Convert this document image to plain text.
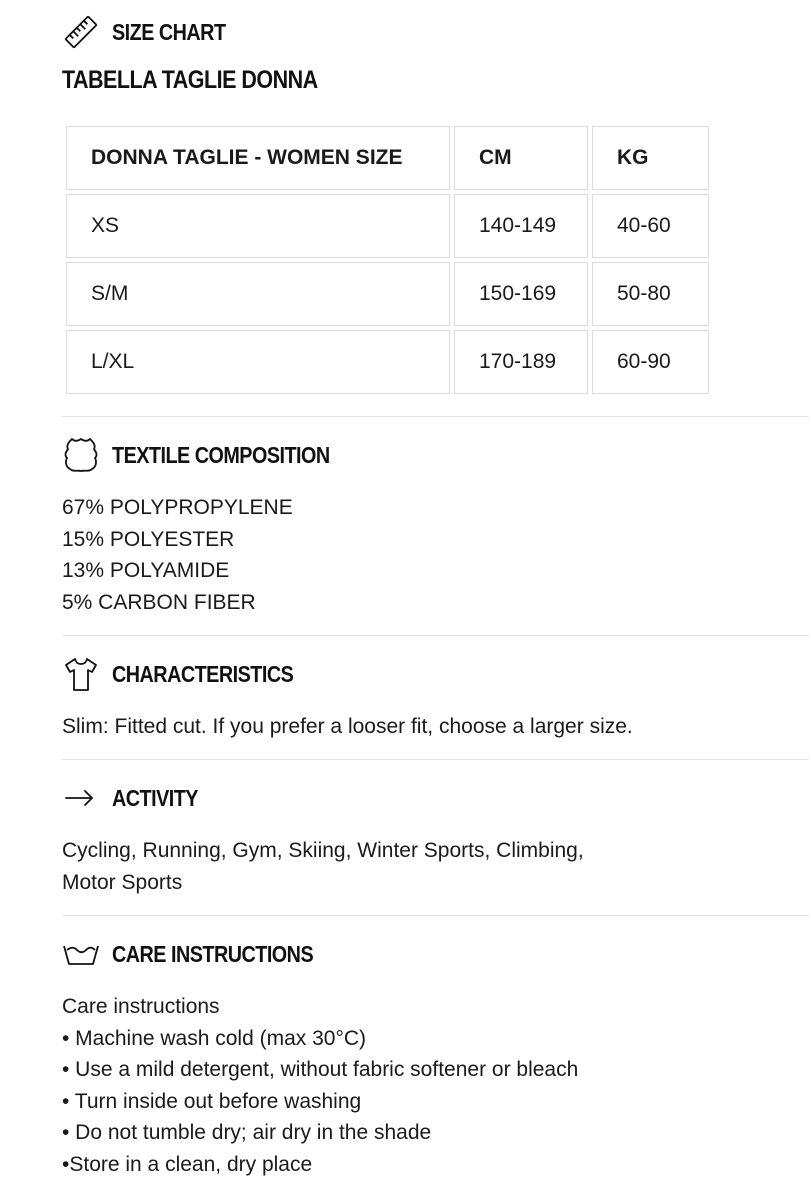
SIZE CHART
TABELLA TAGLIE DONNA
DONNA TAGLIE - WOMEN SIZE	CM	KG
XS	140-149	40-60
S/M	150-169	50-80
L/XL	170-189	60-90
TEXTILE COMPOSITION
67% POLYPROPYLENE
15% POLYESTER
13% POLYAMIDE
5% CARBON FIBER
CHARACTERISTICS
Slim: Fitted cut. If you prefer a looser fit, choose a larger size.
ACTIVITY
Cycling, Running, Gym, Skiing, Winter Sports, Climbing,
Motor Sports
CARE INSTRUCTIONS
Care instructions
• Machine wash cold (max 30°C)
• Use a mild detergent, without fabric softener or bleach
• Turn inside out before washing
• Do not tumble dry; air dry in the shade
•Store in a clean, dry place
